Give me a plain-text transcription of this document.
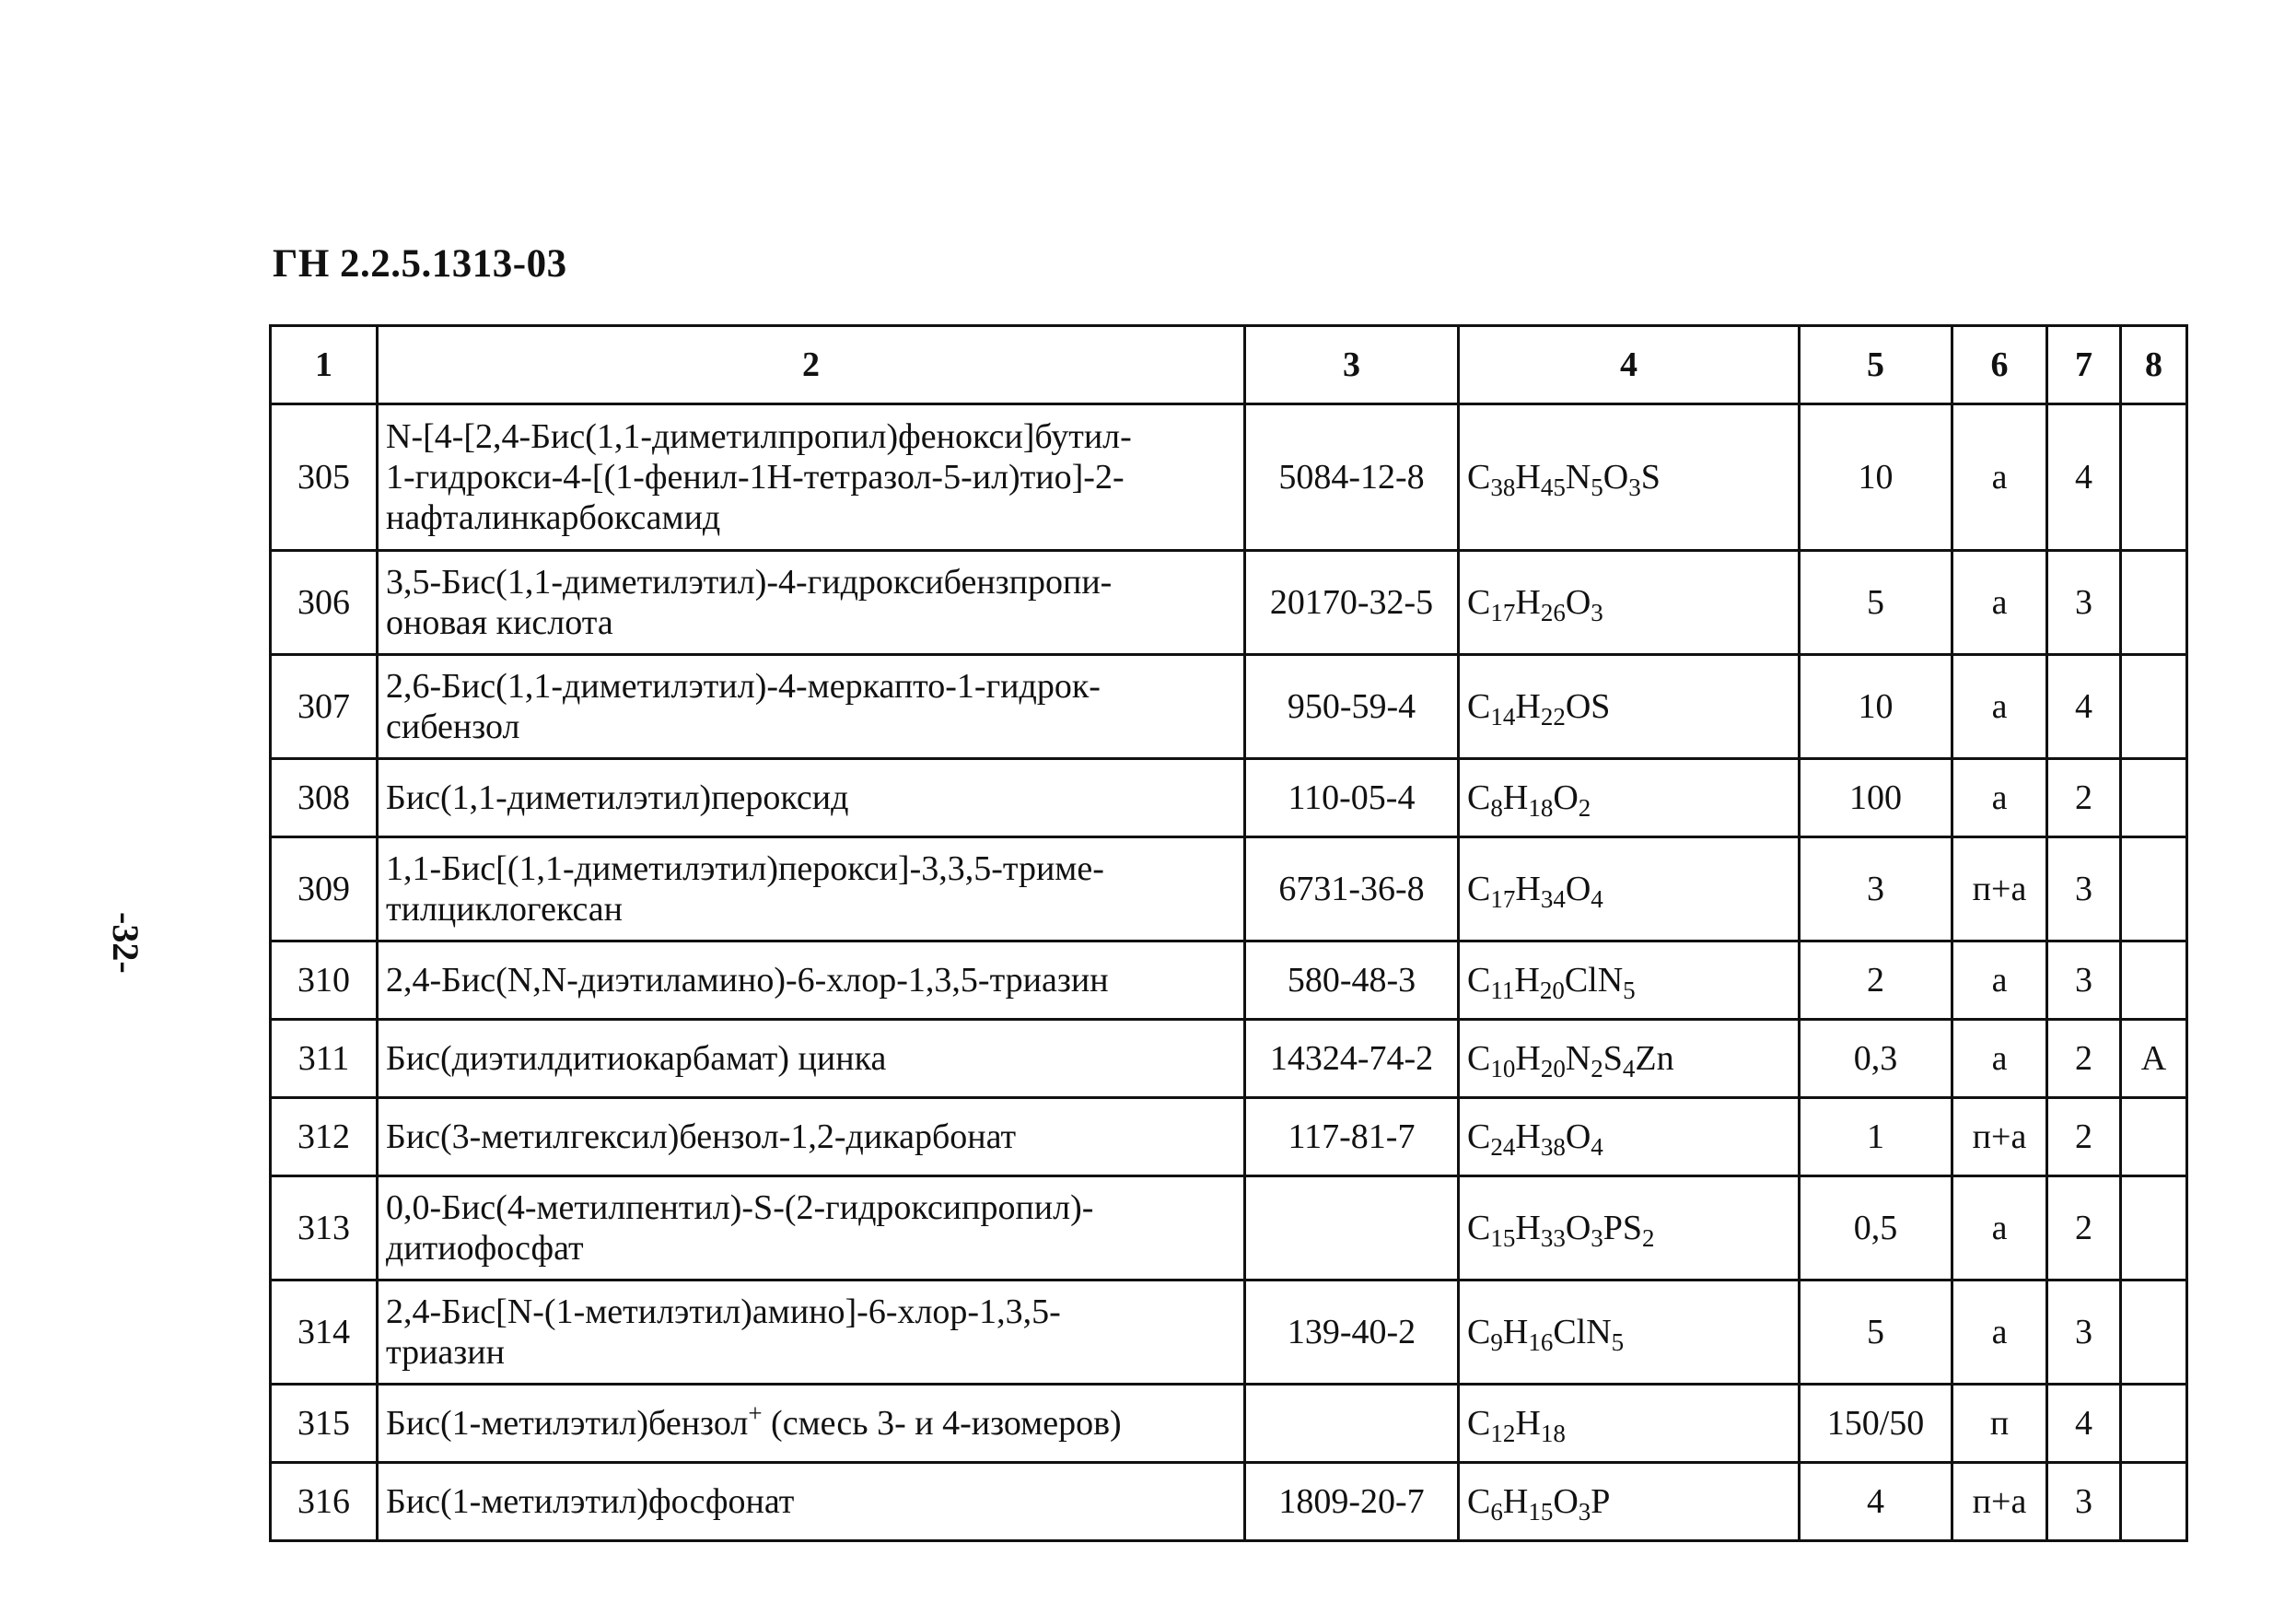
ГН 2.2.5.1313-03
-32-
1	2	3	4	5	6	7	8
305	N-[4-[2,4-Бис(1,1-диметилпропил)фенокси]бутил-
1-гидрокси-4-[(1-фенил-1Н-тетразол-5-ил)тио]-2-
нафталинкарбоксамид	5084-12-8	$C_{38}H_{45}N_5O_3S$	10	a	4	
306	3,5-Бис(1,1-диметилэтил)-4-гидроксибензпропи-
оновая кислота	20170-32-5	$C_{17}H_{26}O_3$	5	a	3	
307	2,6-Бис(1,1-диметилэтил)-4-меркапто-1-гидрок-
сибензол	950-59-4	$C_{14}H_{22}OS$	10	a	4	
308	Бис(1,1-диметилэтил)пероксид	110-05-4	$C_8H_{18}O_2$	100	a	2	
309	1,1-Бис[(1,1-диметилэтил)перокси]-3,3,5-триме-
тилциклогексан	6731-36-8	$C_{17}H_{34}O_4$	3	п+а	3	
310	2,4-Бис(N,N-диэтиламино)-6-хлор-1,3,5-триазин	580-48-3	$C_{11}H_{20}ClN_5$	2	a	3	
311	Бис(диэтилдитиокарбамат) цинка	14324-74-2	$C_{10}H_{20}N_2S_4Zn$	0,3	a	2	А
312	Бис(3-метилгексил)бензол-1,2-дикарбонат	117-81-7	$C_{24}H_{38}O_4$	1	п+а	2	
313	0,0-Бис(4-метилпентил)-S-(2-гидроксипропил)-
дитиофосфат		$C_{15}H_{33}O_3PS_2$	0,5	a	2	
314	2,4-Бис[N-(1-метилэтил)амино]-6-хлор-1,3,5-
триазин	139-40-2	$C_9H_{16}ClN_5$	5	a	3	
315	Бис(1-метилэтил)бензол+ (смесь 3- и 4-изомеров)		$C_{12}H_{18}$	150/50	п	4	
316	Бис(1-метилэтил)фосфонат	1809-20-7	$C_6H_{15}O_3P$	4	п+а	3	
